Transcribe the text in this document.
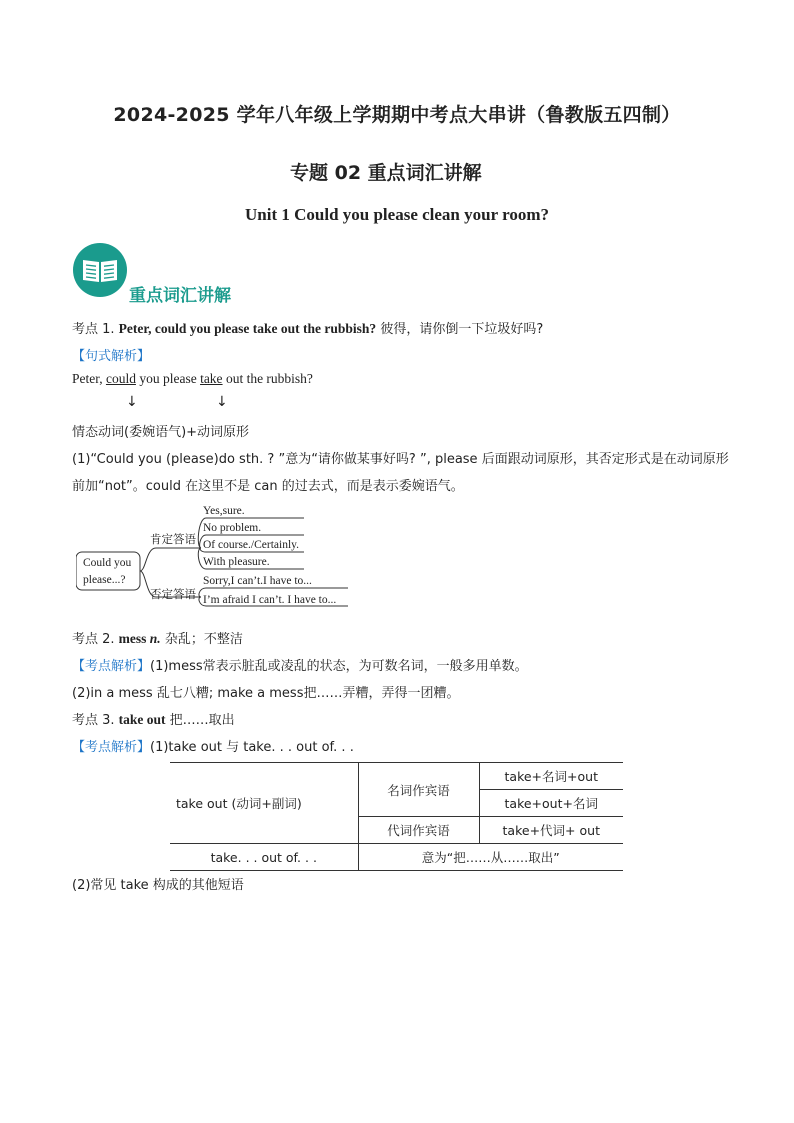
2024-2025 学年八年级上学期期中考点大串讲（鲁教版五四制）
专题 02 重点词汇讲解
Unit 1 Could you please clean your room?
重点词汇讲解
考点 1. Peter, could you please take out the rubbish? 彼得，请你倒一下垃圾好吗?
【句式解析】
Peter, could you please take out the rubbish?
↓	↓
情态动词(委婉语气)+动词原形
(1)“Could you (please)do sth. ? ”意为“请你做某事好吗? ”, please 后面跟动词原形，其否定形式是在动词原形
前加“not”。could 在这里不是 can 的过去式，而是表示委婉语气。
Could you
please...?
肯定答语
否定答语
Yes,sure.
No problem.
Of course./Certainly.
With pleasure.
Sorry,I can’t.I have to...
I’m afraid I can’t. I have to...
考点 2. mess n. 杂乱；不整洁
【考点解析】(1)mess常表示脏乱或凌乱的状态，为可数名词，一般多用单数。
(2)in a mess 乱七八糟; make a mess把……弄糟，弄得一团糟。
考点 3. take out 把……取出
【考点解析】(1)take out 与 take. . . out of. . .
take out (动词+副词)	名词作宾语	take+名词+out
		take+out+名词
	代词作宾语	take+代词+ out
take. . . out of. . .	意为“把……从……取出”	
(2)常见 take 构成的其他短语
